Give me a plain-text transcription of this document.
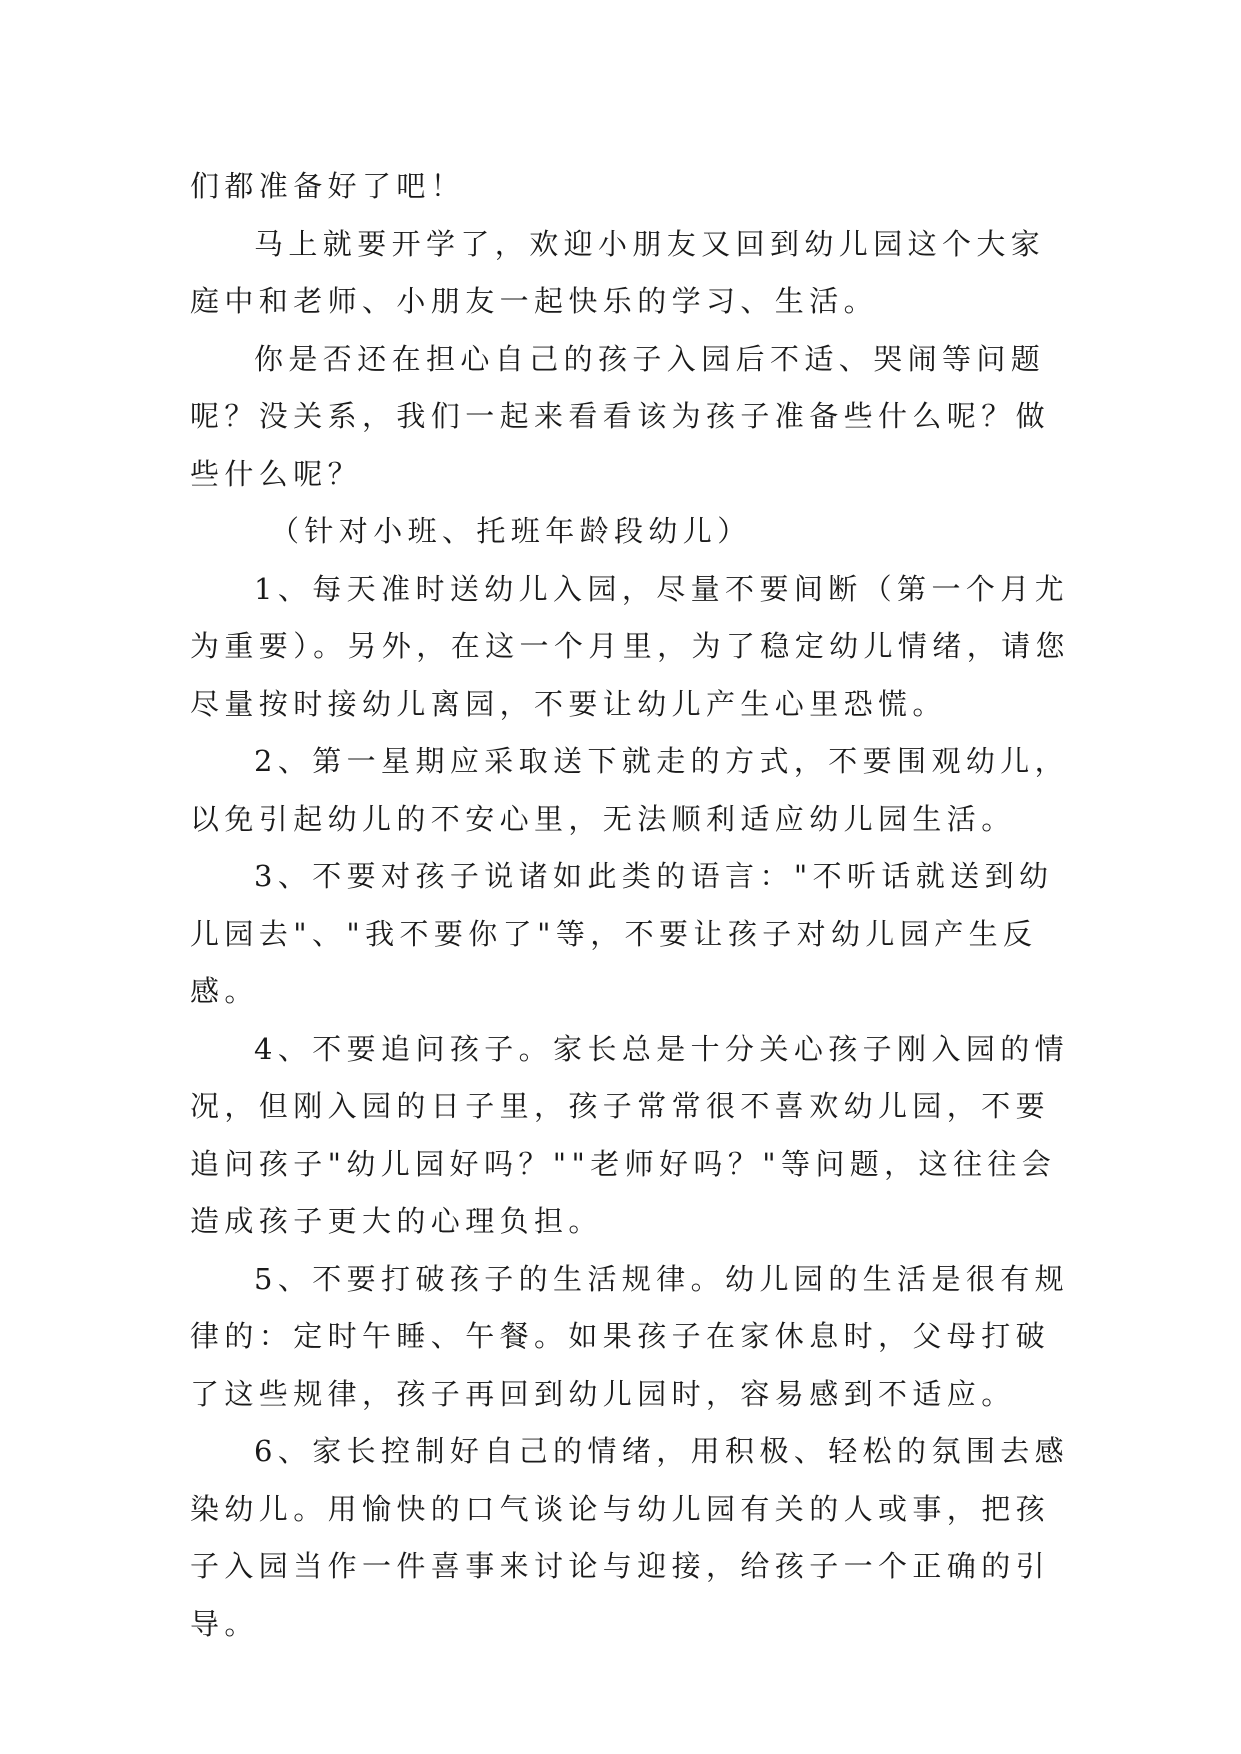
们都准备好了吧！

马上就要开学了，欢迎小朋友又回到幼儿园这个大家庭中和老师、小朋友一起快乐的学习、生活。

你是否还在担心自己的孩子入园后不适、哭闹等问题呢？没关系，我们一起来看看该为孩子准备些什么呢？做些什么呢？

（针对小班、托班年龄段幼儿）

1、每天准时送幼儿入园，尽量不要间断（第一个月尤为重要）。另外，在这一个月里，为了稳定幼儿情绪，请您尽量按时接幼儿离园，不要让幼儿产生心里恐慌。

2、第一星期应采取送下就走的方式，不要围观幼儿，以免引起幼儿的不安心里，无法顺利适应幼儿园生活。

3、不要对孩子说诸如此类的语言："不听话就送到幼儿园去"、"我不要你了"等，不要让孩子对幼儿园产生反感。

4、不要追问孩子。家长总是十分关心孩子刚入园的情况，但刚入园的日子里，孩子常常很不喜欢幼儿园，不要追问孩子"幼儿园好吗？""老师好吗？"等问题，这往往会造成孩子更大的心理负担。

5、不要打破孩子的生活规律。幼儿园的生活是很有规律的：定时午睡、午餐。如果孩子在家休息时，父母打破了这些规律，孩子再回到幼儿园时，容易感到不适应。

6、家长控制好自己的情绪，用积极、轻松的氛围去感染幼儿。用愉快的口气谈论与幼儿园有关的人或事，把孩子入园当作一件喜事来讨论与迎接，给孩子一个正确的引导。
